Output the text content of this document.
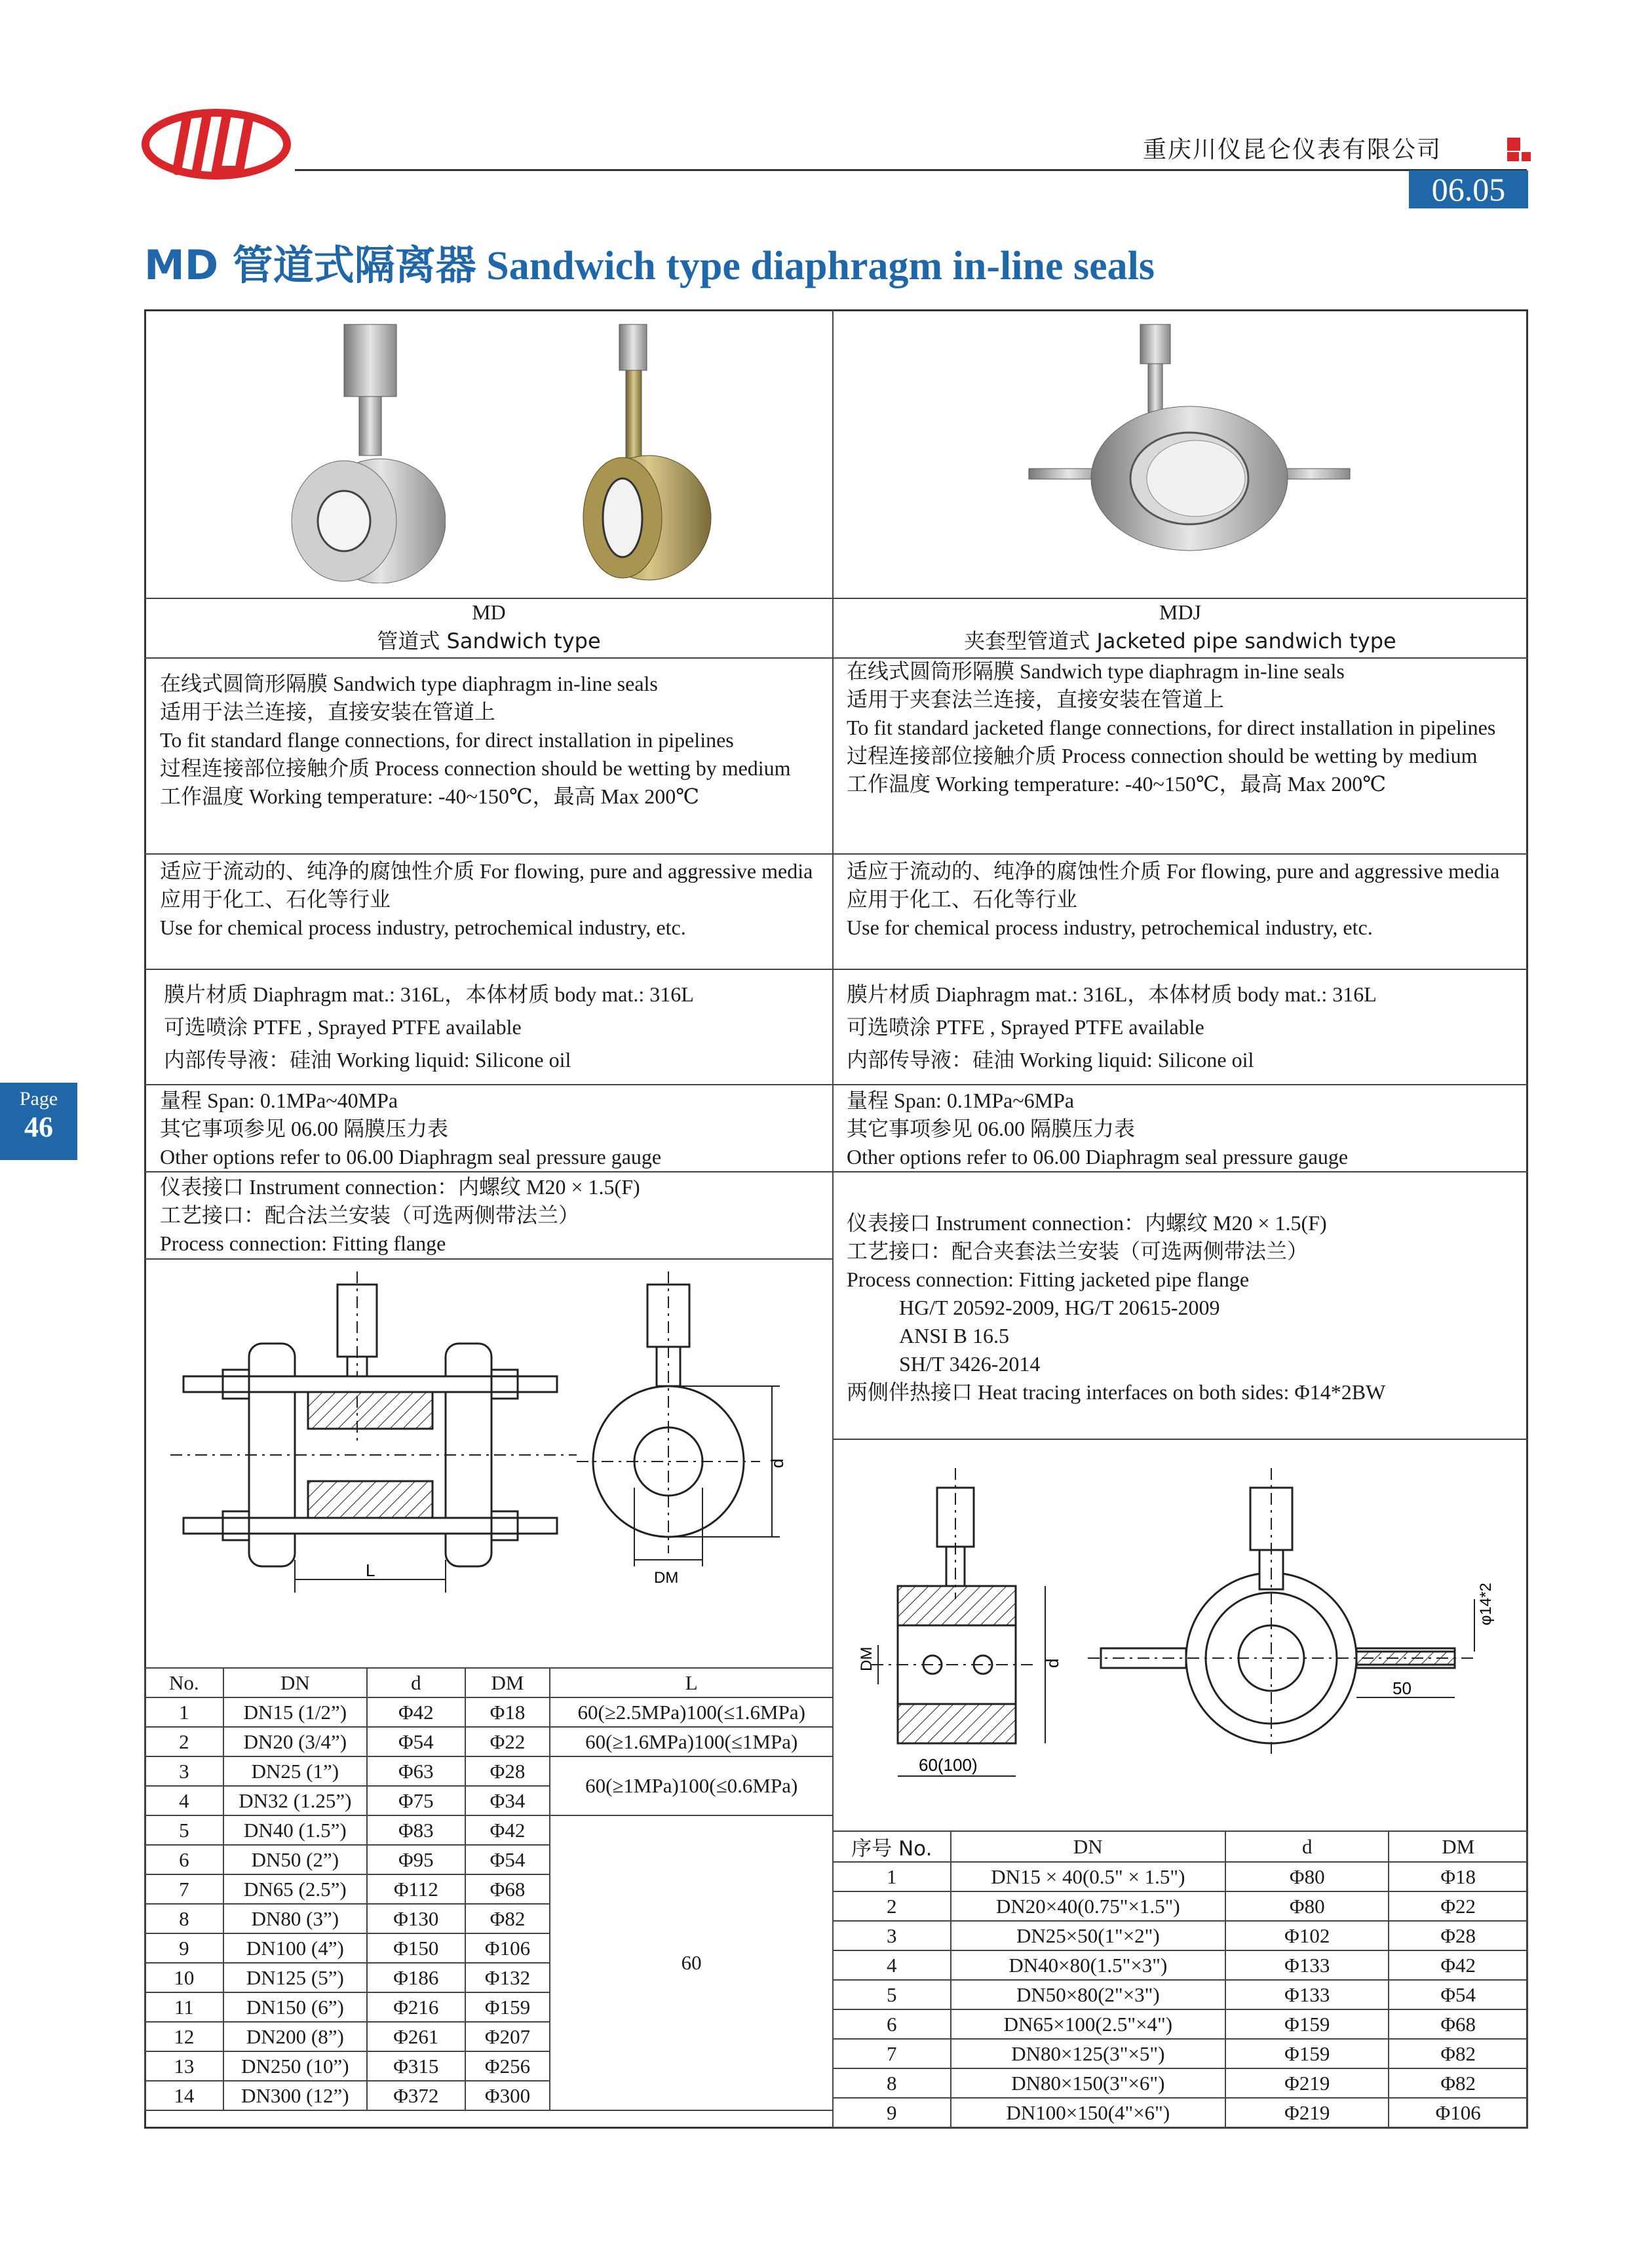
重庆川仪昆仑仪表有限公司
06.05
MD 管道式隔离器 Sandwich type diaphragm in-line seals
Page
46
MD
管道式 Sandwich type
MDJ
夹套型管道式 Jacketed pipe sandwich type

在线式圆筒形隔膜 Sandwich type diaphragm in-line seals

适用于法兰连接，直接安装在管道上

To fit standard flange connections, for direct installation in pipelines

过程连接部位接触介质 Process connection should be wetting by medium

工作温度 Working temperature: -40~150℃，最高 Max 200℃

适应于流动的、纯净的腐蚀性介质 For flowing, pure and aggressive media

应用于化工、石化等行业

Use for chemical process industry, petrochemical industry, etc.

膜片材质 Diaphragm mat.: 316L，本体材质 body mat.: 316L

可选喷涂 PTFE , Sprayed PTFE available

内部传导液：硅油 Working liquid: Silicone oil

量程 Span: 0.1MPa~40MPa

其它事项参见 06.00 隔膜压力表

Other options refer to 06.00 Diaphragm seal pressure gauge

仪表接口 Instrument connection：内螺纹 M20 × 1.5(F)

工艺接口：配合法兰安装（可选两侧带法兰）

Process connection: Fitting flange

在线式圆筒形隔膜 Sandwich type diaphragm in-line seals

适用于夹套法兰连接，直接安装在管道上

To fit standard jacketed flange connections, for direct installation in pipelines

过程连接部位接触介质 Process connection should be wetting by medium

工作温度 Working temperature: -40~150℃，最高 Max 200℃

适应于流动的、纯净的腐蚀性介质 For flowing, pure and aggressive media

应用于化工、石化等行业

Use for chemical process industry, petrochemical industry, etc.

膜片材质 Diaphragm mat.: 316L，本体材质 body mat.: 316L

可选喷涂 PTFE , Sprayed PTFE available

内部传导液：硅油 Working liquid: Silicone oil

量程 Span: 0.1MPa~6MPa

其它事项参见 06.00 隔膜压力表

Other options refer to 06.00 Diaphragm seal pressure gauge

仪表接口 Instrument connection：内螺纹 M20 × 1.5(F)

工艺接口：配合夹套法兰安装（可选两侧带法兰）

Process connection: Fitting jacketed pipe flange

HG/T 20592-2009, HG/T 20615-2009

ANSI B 16.5

SH/T 3426-2014

两侧伴热接口 Heat tracing interfaces on both sides: Φ14*2BW

L
d
DM
d
DM
60(100)
50
φ14*2
No.	DN	d	DM	L
1	DN15 (1/2”)	Φ42	Φ18	60(≥2.5MPa)100(≤1.6MPa)
2	DN20 (3/4”)	Φ54	Φ22	60(≥1.6MPa)100(≤1MPa)
3	DN25 (1”)	Φ63	Φ28	60(≥1MPa)100(≤0.6MPa)
4	DN32 (1.25”)	Φ75	Φ34	
5	DN40 (1.5”)	Φ83	Φ42	60
6	DN50 (2”)	Φ95	Φ54	
7	DN65 (2.5”)	Φ112	Φ68	
8	DN80 (3”)	Φ130	Φ82	
9	DN100 (4”)	Φ150	Φ106	
10	DN125 (5”)	Φ186	Φ132	
11	DN150 (6”)	Φ216	Φ159	
12	DN200 (8”)	Φ261	Φ207	
13	DN250 (10”)	Φ315	Φ256	
14	DN300 (12”)	Φ372	Φ300	
序号 No.	DN	d	DM
1	DN15 × 40(0.5" × 1.5")	Φ80	Φ18
2	DN20×40(0.75"×1.5")	Φ80	Φ22
3	DN25×50(1"×2")	Φ102	Φ28
4	DN40×80(1.5"×3")	Φ133	Φ42
5	DN50×80(2"×3")	Φ133	Φ54
6	DN65×100(2.5"×4")	Φ159	Φ68
7	DN80×125(3"×5")	Φ159	Φ82
8	DN80×150(3"×6")	Φ219	Φ82
9	DN100×150(4"×6")	Φ219	Φ106
